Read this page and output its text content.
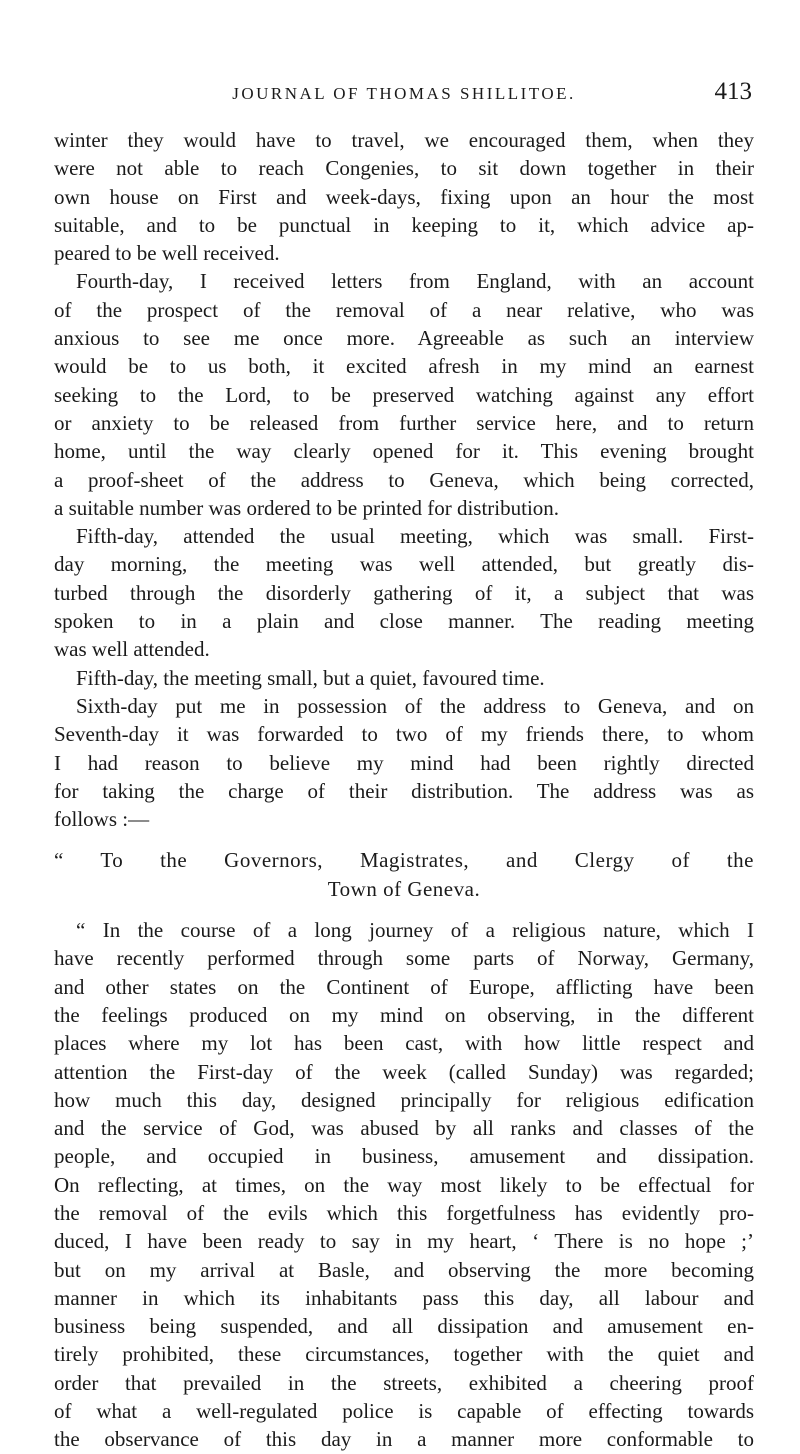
JOURNAL OF THOMAS SHILLITOE.	413
winter they would have to travel, we encouraged them, when they
were not able to reach Congenies, to sit down together in their
own house on First and week-days, fixing upon an hour the most
suitable, and to be punctual in keeping to it, which advice ap-
peared to be well received.
Fourth-day, I received letters from England, with an account
of the prospect of the removal of a near relative, who was
anxious to see me once more. Agreeable as such an interview
would be to us both, it excited afresh in my mind an earnest
seeking to the Lord, to be preserved watching against any effort
or anxiety to be released from further service here, and to return
home, until the way clearly opened for it. This evening brought
a proof-sheet of the address to Geneva, which being corrected,
a suitable number was ordered to be printed for distribution.
Fifth-day, attended the usual meeting, which was small. First-
day morning, the meeting was well attended, but greatly dis-
turbed through the disorderly gathering of it, a subject that was
spoken to in a plain and close manner. The reading meeting
was well attended.
Fifth-day, the meeting small, but a quiet, favoured time.
Sixth-day put me in possession of the address to Geneva, and on
Seventh-day it was forwarded to two of my friends there, to whom
I had reason to believe my mind had been rightly directed
for taking the charge of their distribution. The address was as
follows :—
“ To the Governors, Magistrates, and Clergy of the
Town of Geneva.
“ In the course of a long journey of a religious nature, which I
have recently performed through some parts of Norway, Germany,
and other states on the Continent of Europe, afflicting have been
the feelings produced on my mind on observing, in the different
places where my lot has been cast, with how little respect and
attention the First-day of the week (called Sunday) was regarded;
how much this day, designed principally for religious edification
and the service of God, was abused by all ranks and classes of the
people, and occupied in business, amusement and dissipation.
On reflecting, at times, on the way most likely to be effectual for
the removal of the evils which this forgetfulness has evidently pro-
duced, I have been ready to say in my heart, ‘ There is no hope ;’
but on my arrival at Basle, and observing the more becoming
manner in which its inhabitants pass this day, all labour and
business being suspended, and all dissipation and amusement en-
tirely prohibited, these circumstances, together with the quiet and
order that prevailed in the streets, exhibited a cheering proof
of what a well-regulated police is capable of effecting towards
the observance of this day in a manner more conformable to
